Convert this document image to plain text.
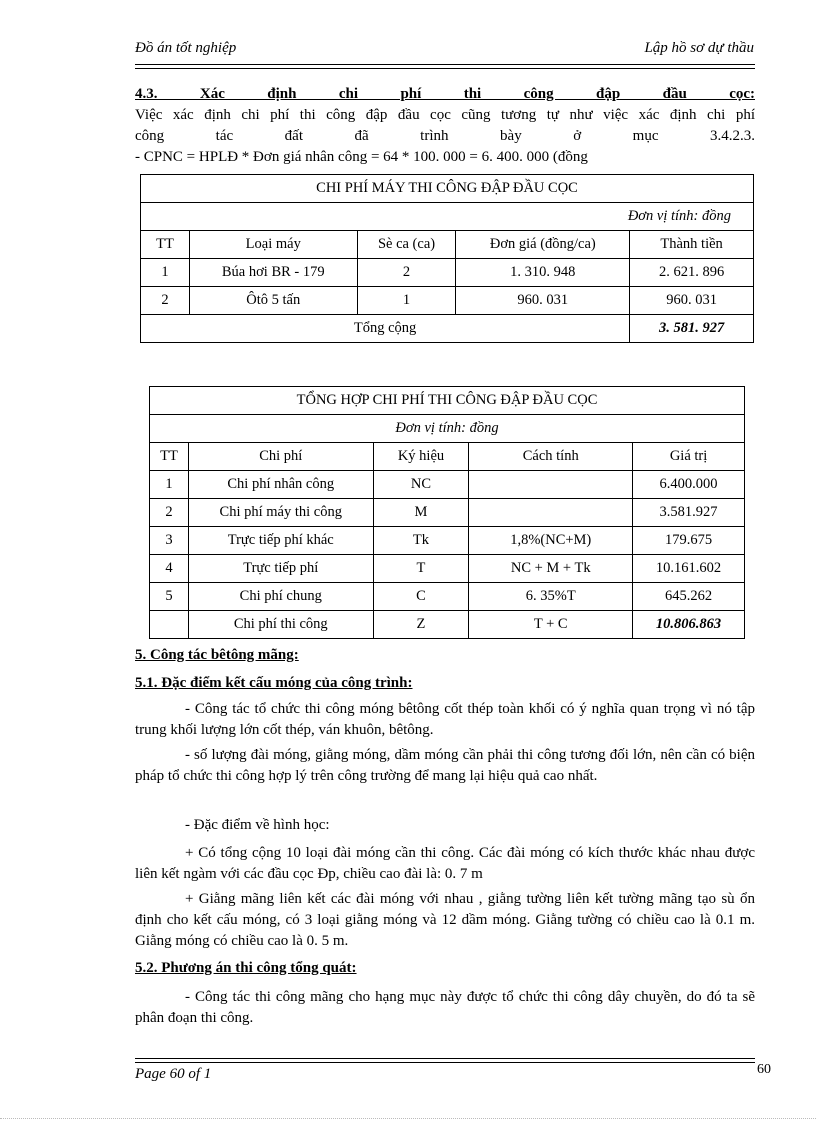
Đồ án tốt nghiệp	Lập hồ sơ dự thầu
4.3. Xác định chi phí thi công đập đầu cọc:
Việc xác định chi phí thi công đập đầu cọc cũng tương tự như việc xác định chi phí
công tác đất đã trình bày ở mục 3.4.2.3.
- CPNC = HPLĐ * Đơn giá nhân công = 64 * 100. 000 = 6. 400. 000 (đồng
CHI PHÍ MÁY THI CÔNG ĐẬP ĐẦU CỌC				
Đơn vị tính: đồng				
TT	Loại máy	Sè ca (ca)	Đơn giá (đồng/ca)	Thành tiền
1	Búa hơi BR - 179	2	1. 310. 948	2. 621. 896
2	Ôtô 5 tấn	1	960. 031	960. 031
Tổng cộng				3. 581. 927
TỔNG HỢP CHI PHÍ THI CÔNG ĐẬP ĐẦU CỌC				
Đơn vị tính: đồng				
TT	Chi phí	Ký hiệu	Cách tính	Giá trị
1	Chi phí nhân công	NC		6.400.000
2	Chi phí máy thi công	M		3.581.927
3	Trực tiếp phí khác	Tk	1,8%(NC+M)	179.675
4	Trực tiếp phí	T	NC + M + Tk	10.161.602
5	Chi phí chung	C	6. 35%T	645.262
	Chi phí thi công	Z	T + C	10.806.863
5. Công tác bêtông mãng:
5.1. Đặc điểm kết cấu móng của công trình:
- Công tác tổ chức thi công móng bêtông cốt thép toàn khối có ý nghĩa quan trọng vì nó tập trung khối lượng lớn cốt thép, ván khuôn, bêtông.
- số lượng đài móng, giằng móng, dầm móng cần phải thi công tương đối lớn, nên cần có biện pháp tổ chức thi công hợp lý trên công trường để mang lại hiệu quả cao nhất.
- Đặc điểm về hình học:
+ Có tổng cộng 10 loại đài móng cần thi công. Các đài móng có kích thước khác nhau được liên kết ngàm với các đầu cọc Đp, chiều cao đài là: 0. 7 m
+ Giằng mãng liên kết các đài móng với nhau , giằng tường liên kết tường mãng tạo sù ổn định cho kết cấu móng, có 3 loại giằng móng và 12 dầm móng. Giằng tường có chiều cao là 0.1 m. Giằng móng có chiều cao là 0. 5 m.
5.2. Phương án thi công tổng quát:
- Công tác thi công mãng cho hạng mục này được tổ chức thi công dây chuyền, do đó ta sẽ phân đoạn thi công.
Page 60 of 1	60
